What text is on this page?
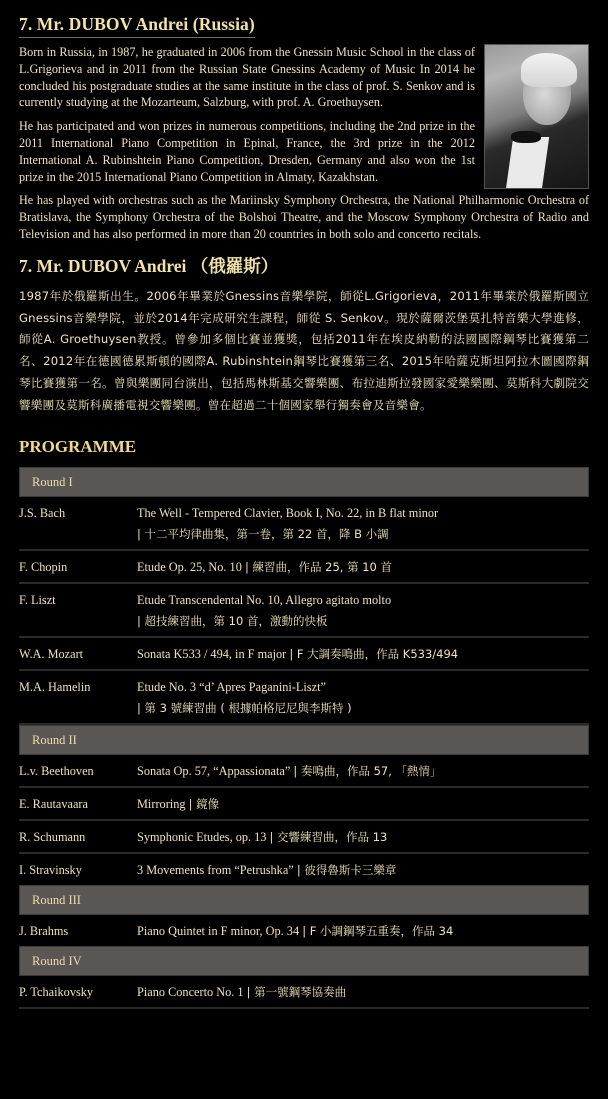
7. Mr. DUBOV Andrei (Russia)

Born in Russia, in 1987, he graduated in 2006 from the Gnessin Music School in the class of L.Grigorieva and in 2011 from the Russian State Gnessins Academy of Music In 2014 he concluded his postgraduate studies at the same institute in the class of prof. S. Senkov and is currently studying at the Mozarteum, Salzburg, with prof. A. Groethuysen.

He has participated and won prizes in numerous competitions, including the 2nd prize in the 2011 International Piano Competition in Epinal, France, the 3rd prize in the 2012 International A. Rubinshtein Piano Competition, Dresden, Germany and also won the 1st prize in the 2015 International Piano Competition in Almaty, Kazakhstan.

He has played with orchestras such as the Mariinsky Symphony Orchestra, the National Philharmonic Orchestra of Bratislava, the Symphony Orchestra of the Bolshoi Theatre, and the Moscow Symphony Orchestra of Radio and Television and has also performed in more than 20 countries in both solo and concerto recitals.

7. Mr. DUBOV Andrei （俄羅斯）

1987年於俄羅斯出生。2006年畢業於Gnessins音樂學院，師從L.Grigorieva，2011年畢業於俄羅斯國立Gnessins音樂學院，並於2014年完成研究生課程，師從 S. Senkov。現於薩爾茨堡莫扎特音樂大學進修，師從A. Groethuysen教授。曾參加多個比賽並獲獎，包括2011年在埃皮納勒的法國國際鋼琴比賽獲第二名、2012年在德國德累斯頓的國際A. Rubinshtein鋼琴比賽獲第三名、2015年哈薩克斯坦阿拉木圖國際鋼琴比賽獲第一名。曾與樂團同台演出，包括馬林斯基交響樂團、布拉迪斯拉發國家愛樂樂團、莫斯科大劇院交響樂團及莫斯科廣播電視交響樂團。曾在超過二十個國家舉行獨奏會及音樂會。

PROGRAMME
Round I
J.S. Bach	The Well - Tempered Clavier, Book I, No. 22, in B flat minor
| 十二平均律曲集，第一卷，第 22 首，降 B 小調
F. Chopin	Etude Op. 25, No. 10 | 練習曲，作品 25, 第 10 首
F. Liszt	Etude Transcendental No. 10, Allegro agitato molto
| 超技練習曲，第 10 首，激動的快板
W.A. Mozart	Sonata K533 / 494, in F major | F 大調奏鳴曲，作品 K533/494
M.A. Hamelin	Etude No. 3 “d’ Apres Paganini-Liszt”
| 第 3 號練習曲 ( 根據帕格尼尼與李斯特 )
Round II
L.v. Beethoven	Sonata Op. 57, “Appassionata” | 奏鳴曲，作品 57, 「熱情」
E. Rautavaara	Mirroring | 鏡像
R. Schumann	Symphonic Etudes, op. 13 | 交響練習曲，作品 13
I. Stravinsky	3 Movements from “Petrushka” | 彼得魯斯卡三樂章
Round III
J. Brahms	Piano Quintet in F minor, Op. 34 | F 小調鋼琴五重奏，作品 34
Round IV
P. Tchaikovsky	Piano Concerto No. 1 | 第一號鋼琴協奏曲
